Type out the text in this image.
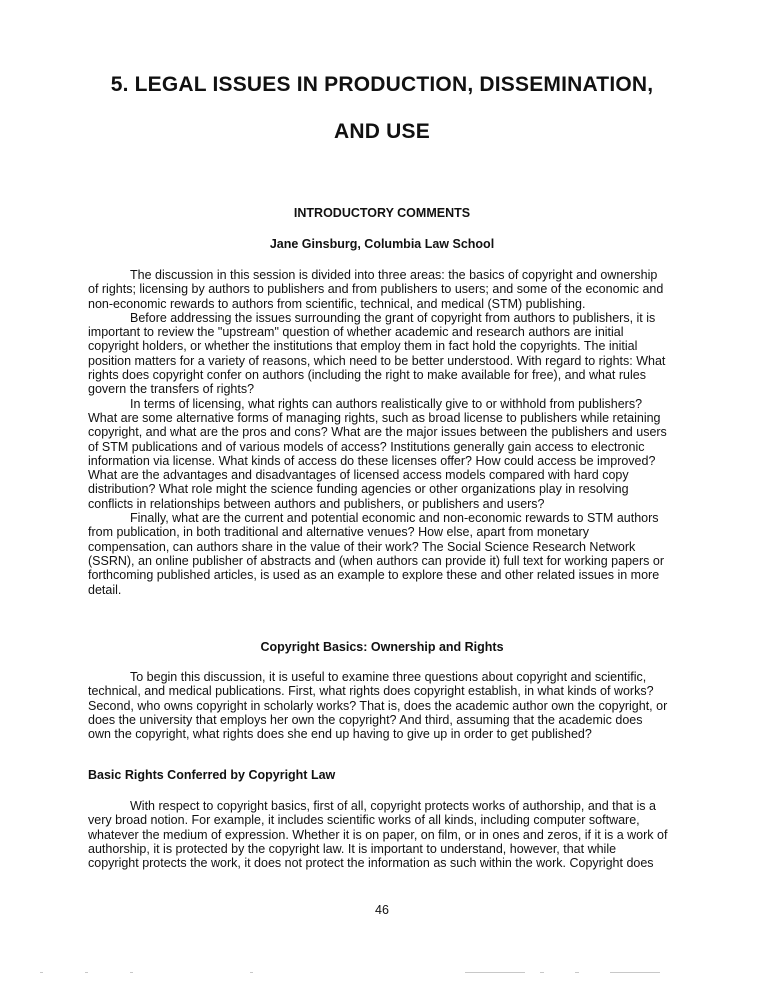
5. LEGAL ISSUES IN PRODUCTION, DISSEMINATION,
AND USE
INTRODUCTORY COMMENTS
Jane Ginsburg, Columbia Law School

The discussion in this session is divided into three areas: the basics of copyright and ownership of rights; licensing by authors to publishers and from publishers to users; and some of the economic and non-economic rewards to authors from scientific, technical, and medical (STM) publishing.

Before addressing the issues surrounding the grant of copyright from authors to publishers, it is important to review the "upstream" question of whether academic and research authors are initial copyright holders, or whether the institutions that employ them in fact hold the copyrights. The initial position matters for a variety of reasons, which need to be better understood. With regard to rights: What rights does copyright confer on authors (including the right to make available for free), and what rules govern the transfers of rights?

In terms of licensing, what rights can authors realistically give to or withhold from publishers? What are some alternative forms of managing rights, such as broad license to publishers while retaining copyright, and what are the pros and cons? What are the major issues between the publishers and users of STM publications and of various models of access? Institutions generally gain access to electronic information via license. What kinds of access do these licenses offer? How could access be improved? What are the advantages and disadvantages of licensed access models compared with hard copy distribution? What role might the science funding agencies or other organizations play in resolving conflicts in relationships between authors and publishers, or publishers and users?

Finally, what are the current and potential economic and non-economic rewards to STM authors from publication, in both traditional and alternative venues? How else, apart from monetary compensation, can authors share in the value of their work? The Social Science Research Network (SSRN), an online publisher of abstracts and (when authors can provide it) full text for working papers or forthcoming published articles, is used as an example to explore these and other related issues in more detail.

Copyright Basics: Ownership and Rights

To begin this discussion, it is useful to examine three questions about copyright and scientific, technical, and medical publications. First, what rights does copyright establish, in what kinds of works? Second, who owns copyright in scholarly works? That is, does the academic author own the copyright, or does the university that employs her own the copyright? And third, assuming that the academic does own the copyright, what rights does she end up having to give up in order to get published?

Basic Rights Conferred by Copyright Law

With respect to copyright basics, first of all, copyright protects works of authorship, and that is a very broad notion. For example, it includes scientific works of all kinds, including computer software, whatever the medium of expression. Whether it is on paper, on film, or in ones and zeros, if it is a work of authorship, it is protected by the copyright law. It is important to understand, however, that while copyright protects the work, it does not protect the information as such within the work. Copyright does

46
